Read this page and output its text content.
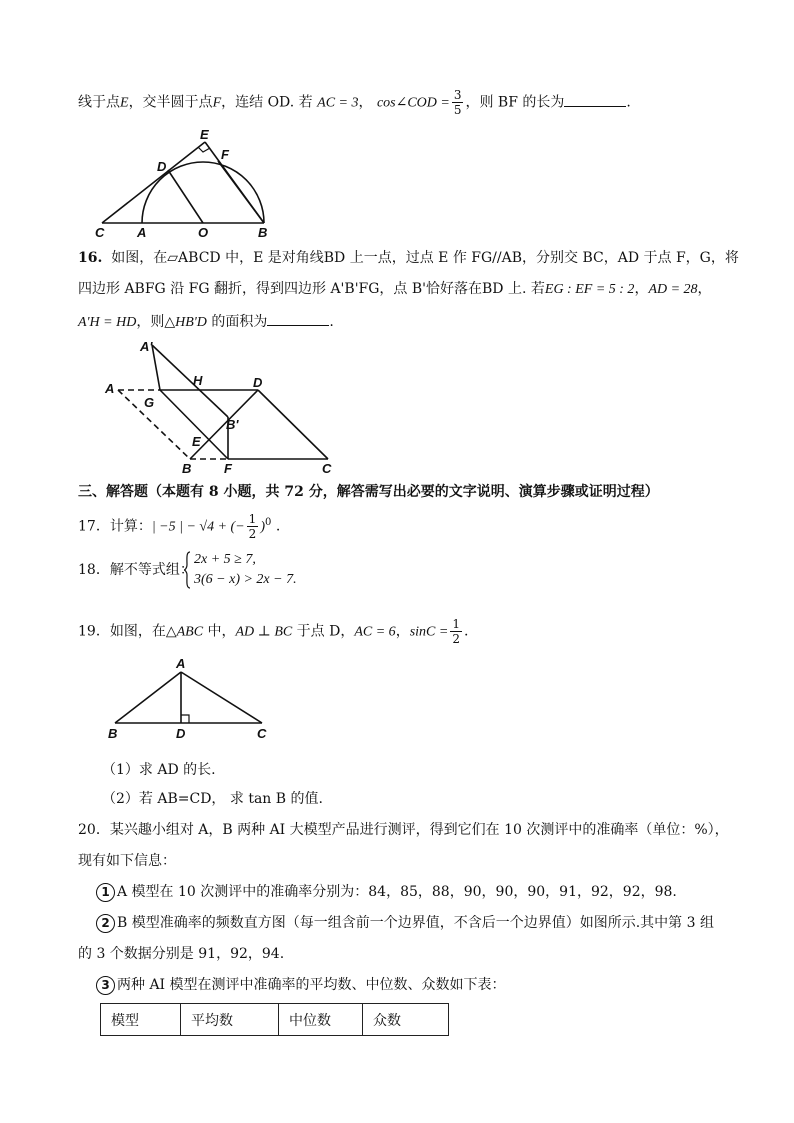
线于点E，交半圆于点F，连结 OD. 若 AC = 3， cos∠COD = $\frac{3}{5}$ ，则 BF 的长为	.
E
D
F
C	A	O	B
16. 如图，在▱ABCD 中，E 是对角线BD 上一点，过点 E 作 FG//AB，分别交 BC，AD 于点 F，G，将
四边形 ABFG 沿 FG 翻折，得到四边形 A'B'FG，点 B'恰好落在BD 上. 若EG : EF = 5 : 2，AD = 28，
A'H = HD，则△HB'D 的面积为	.
A'
A
H	D
G
B'
E
B	F	C
三、解答题（本题有 8 小题，共 72 分，解答需写出必要的文字说明、演算步骤或证明过程）
17．计算：| −5 | − √4 + (− $\frac{1}{2} )^0$ .
18．解不等式组：
2x + 5 ≥ 7,
3(6 − x) > 2x − 7.
19．如图，在△ABC 中，AD ⊥ BC 于点 D，AC = 6，$\sin C = \frac{1}{2}$ .
A
B	D	C
（1）求 AD 的长.
（2）若 AB=CD， 求 tan B 的值.
20．某兴趣小组对 A，B 两种 AI 大模型产品进行测评，得到它们在 10 次测评中的准确率（单位：%），
现有如下信息：
1 A 模型在 10 次测评中的准确率分别为：84，85，88，90，90，90，91，92，92，98.
2 B 模型准确率的频数直方图（每一组含前一个边界值，不含后一个边界值）如图所示.其中第 3 组
的 3 个数据分别是 91，92，94.
3 两种 AI 模型在测评中准确率的平均数、中位数、众数如下表：
模型	平均数	中位数	众数
